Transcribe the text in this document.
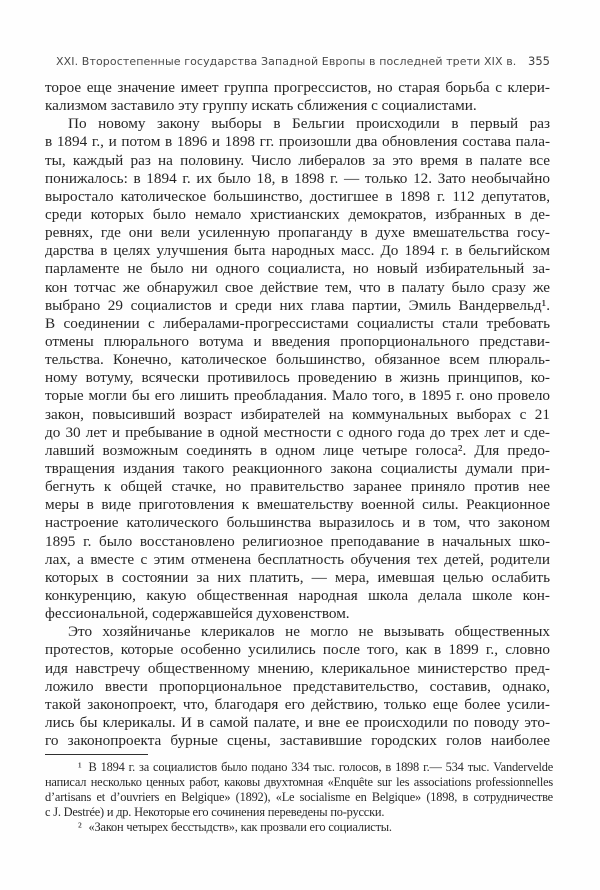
XXI. Второстепенные государства Западной Европы в последней трети XIX в. 355
торое еще значение имеет группа прогрессистов, но старая борьба с клери-
кализмом заставило эту группу искать сближения с социалистами.
По новому закону выборы в Бельгии происходили в первый раз
в 1894 г., и потом в 1896 и 1898 гг. произошли два обновления состава пала-
ты, каждый раз на половину. Число либералов за это время в палате все
понижалось: в 1894 г. их было 18, в 1898 г. — только 12. Зато необычайно
выростало католическое большинство, достигшее в 1898 г. 112 депутатов,
среди которых было немало христианских демократов, избранных в де-
ревнях, где они вели усиленную пропаганду в духе вмешательства госу-
дарства в целях улучшения быта народных масс. До 1894 г. в бельгийском
парламенте не было ни одного социалиста, но новый избирательный за-
кон тотчас же обнаружил свое действие тем, что в палату было сразу же
выбрано 29 социалистов и среди них глава партии, Эмиль Вандервельд¹.
В соединении с либералами-прогрессистами социалисты стали требовать
отмены плюрального вотума и введения пропорционального представи-
тельства. Конечно, католическое большинство, обязанное всем плюраль-
ному вотуму, всячески противилось проведению в жизнь принципов, ко-
торые могли бы его лишить преобладания. Мало того, в 1895 г. оно провело
закон, повысивший возраст избирателей на коммунальных выборах с 21
до 30 лет и пребывание в одной местности с одного года до трех лет и сде-
лавший возможным соединять в одном лице четыре голоса². Для предо-
твращения издания такого реакционного закона социалисты думали при-
бегнуть к общей стачке, но правительство заранее приняло против нее
меры в виде приготовления к вмешательству военной силы. Реакционное
настроение католического большинства выразилось и в том, что законом
1895 г. было восстановлено религиозное преподавание в начальных шко-
лах, а вместе с этим отменена бесплатность обучения тех детей, родители
которых в состоянии за них платить, — мера, имевшая целью ослабить
конкуренцию, какую общественная народная школа делала школе кон-
фессиональной, содержавшейся духовенством.
Это хозяйничанье клерикалов не могло не вызывать общественных
протестов, которые особенно усилились после того, как в 1899 г., словно
идя навстречу общественному мнению, клерикальное министерство пред-
ложило ввести пропорциональное представительство, составив, однако,
такой законопроект, что, благодаря его действию, только еще более усили-
лись бы клерикалы. И в самой палате, и вне ее происходили по поводу это-
го законопроекта бурные сцены, заставившие городских голов наиболее
¹ В 1894 г. за социалистов было подано 334 тыс. голосов, в 1898 г.— 534 тыс. Vandervelde
написал несколько ценных работ, каковы двухтомная «Enquête sur les associations professionnelles
d’artisans et d’ouvriers en Belgique» (1892), «Le socialisme en Belgique» (1898, в сотрудничестве
с J. Destrée) и др. Некоторые его сочинения переведены по-русски.
² «Закон четырех бесстыдств», как прозвали его социалисты.
